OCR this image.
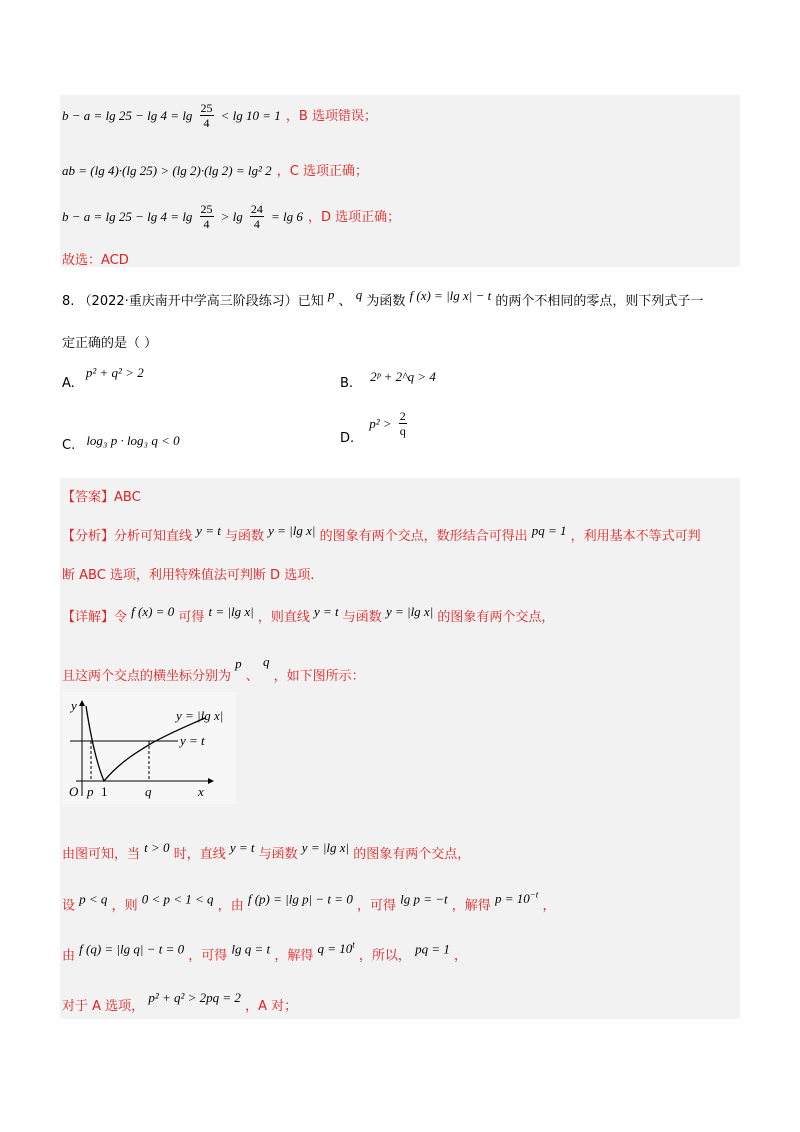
$b - a = \lg 25 - \lg 4 = \lg \frac{25}{4} < \lg 10 = 1$ ，B 选项错误；
ab = (lg 4)·(lg 25) > (lg 2)·(lg 2) = lg² 2 ，C 选项正确；
$b - a = \lg 25 - \lg 4 = \lg \frac{25}{4} > \lg \frac{24}{4} = \lg 6$ ，D 选项正确；
故选：ACD
8. （2022·重庆南开中学高三阶段练习）已知 p 、 q 为函数 f (x) = |lg x| − t 的两个不相同的零点，则下列式子一
定正确的是（ ）
$_{A.}$ p² + q² > 2
$_{B.}$ 2ᵖ + 2^q > 4
$_{C.}$ log₃ p · log₃ q < 0	$_{D.}$ $p^2 > \frac{2}{q}$
【答案】ABC
【分析】分析可知直线 y = t 与函数 y = |lg x| 的图象有两个交点，数形结合可得出 pq = 1 ，利用基本不等式可判
断 ABC 选项，利用特殊值法可判断 D 选项.
【详解】令 f (x) = 0 可得 t = |lg x| ，则直线 y = t 与函数 y = |lg x| 的图象有两个交点，
且这两个交点的横坐标分别为 p 、 q ，如下图所示：
y
x
O p 1	q
y = |lg x|
y = t
由图可知，当 t > 0 时，直线 y = t 与函数 y = |lg x| 的图象有两个交点，
设 p < q ，则 0 < p < 1 < q ，由 f (p) = |lg p| − t = 0 ，可得 lg p = −t ，解得 $p = 10^{-t}$ ，
由 f (q) = |lg q| − t = 0 ，可得 lg q = t ，解得 $q = 10^t$ ，所以， pq = 1 ，
对于 A 选项， p² + q² > 2pq = 2 ，A 对；
